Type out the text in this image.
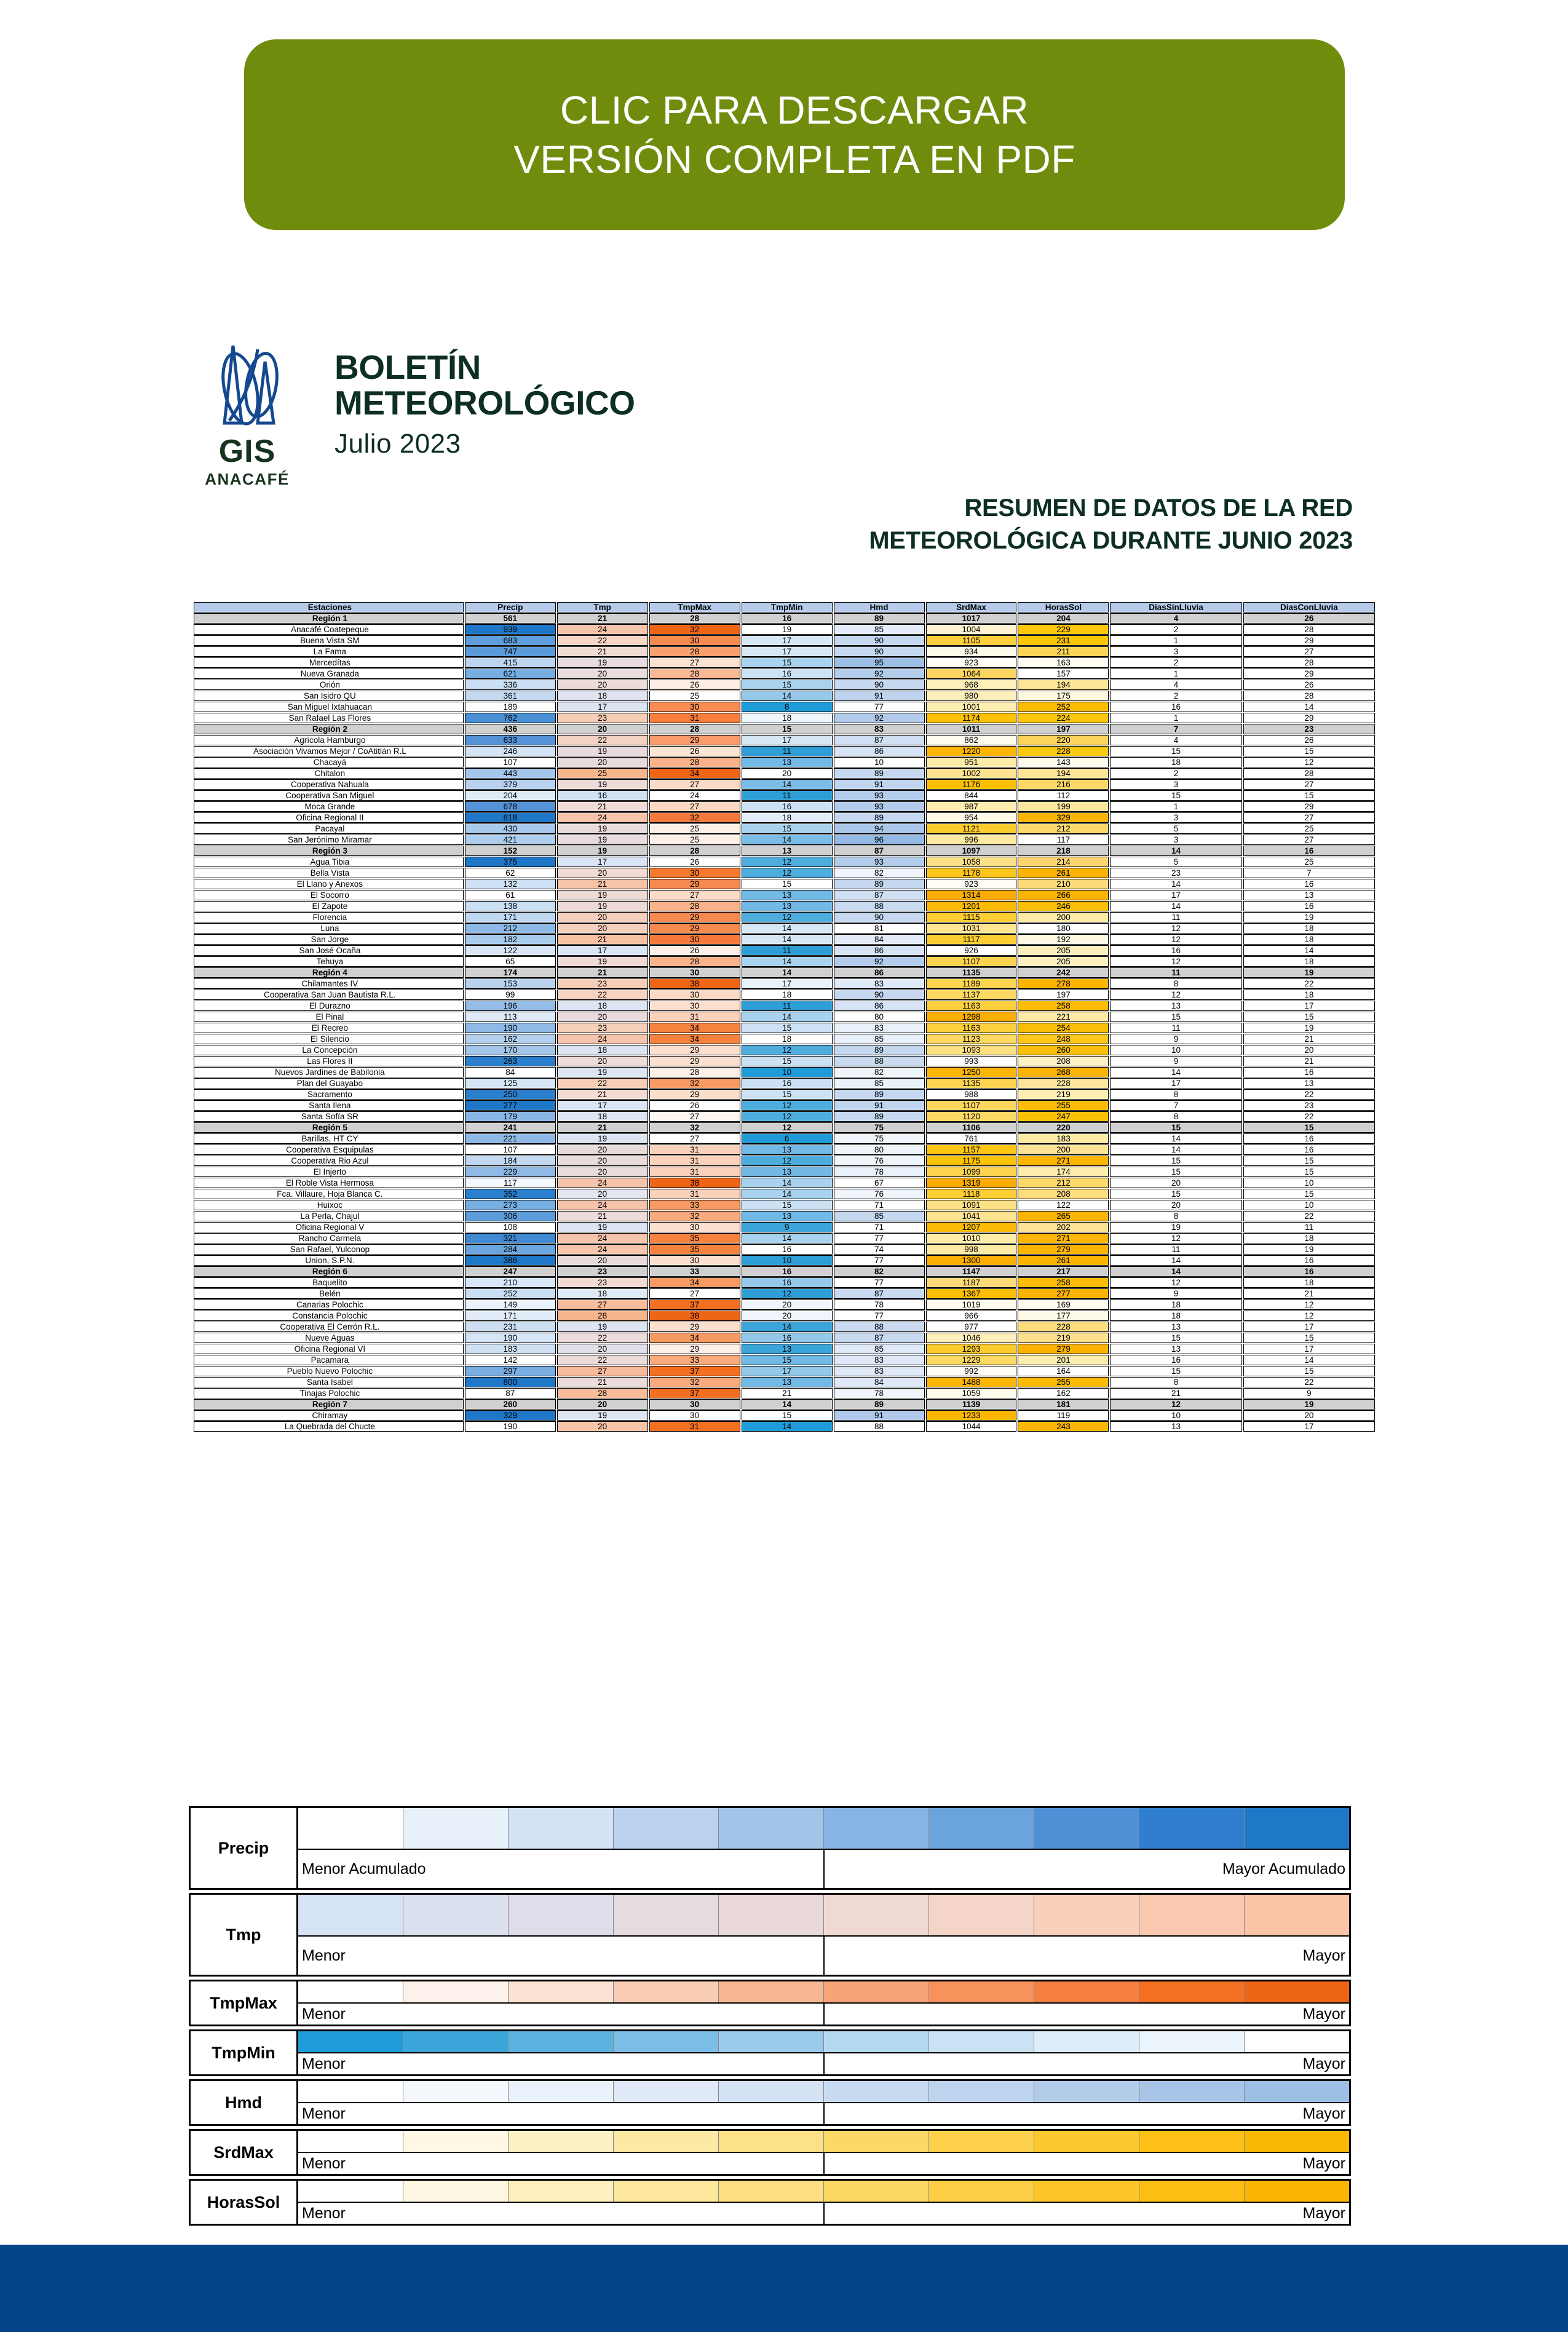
CLIC PARA DESCARGAR
VERSIÓN COMPLETA EN PDF
GIS
ANACAFÉ
BOLETÍN
METEOROLÓGICO
Julio 2023
RESUMEN DE DATOS DE LA RED
METEOROLÓGICA DURANTE JUNIO 2023
Estaciones	Precip	Tmp	TmpMax	TmpMin	Hmd	SrdMax	HorasSol	DiasSinLluvia	DiasConLluvia
Región 1	561	21	28	16	89	1017	204	4	26
Anacafé Coatepeque	939	24	32	19	85	1004	229	2	28
Buena Vista SM	683	22	30	17	90	1105	231	1	29
La Fama	747	21	28	17	90	934	211	3	27
Mercedítas	415	19	27	15	95	923	163	2	28
Nueva Granada	621	20	28	16	92	1064	157	1	29
Orión	336	20	26	15	90	968	194	4	26
San Isidro QU	361	18	25	14	91	980	175	2	28
San Miguel Ixtahuacan	189	17	30	8	77	1001	252	16	14
San Rafael Las Flores	762	23	31	18	92	1174	224	1	29
Región 2	436	20	28	15	83	1011	197	7	23
Agrícola Hamburgo	633	22	29	17	87	862	220	4	26
Asociación Vivamos Mejor / CoAtitlán R.L	246	19	26	11	86	1220	228	15	15
Chacayá	107	20	28	13	10	951	143	18	12
Chitalon	443	25	34	20	89	1002	194	2	28
Cooperativa Nahuala	379	19	27	14	91	1176	216	3	27
Cooperativa San Miguel	204	16	24	11	93	844	112	15	15
Moca Grande	678	21	27	16	93	987	199	1	29
Oficina Regional II	818	24	32	18	89	954	329	3	27
Pacayal	430	19	25	15	94	1121	212	5	25
San Jerónimo Miramar	421	19	25	14	96	996	117	3	27
Región 3	152	19	28	13	87	1097	218	14	16
Agua Tibia	375	17	26	12	93	1058	214	5	25
Bella Vista	62	20	30	12	82	1178	261	23	7
El Llano y Anexos	132	21	29	15	89	923	210	14	16
El Socorro	61	19	27	13	87	1314	266	17	13
El Zapote	138	19	28	13	88	1201	246	14	16
Florencia	171	20	29	12	90	1115	200	11	19
Luna	212	20	29	14	81	1031	180	12	18
San Jorge	182	21	30	14	84	1117	192	12	18
San José Ocaña	122	17	26	11	86	926	205	16	14
Tehuya	65	19	28	14	92	1107	205	12	18
Región 4	174	21	30	14	86	1135	242	11	19
Chilamantes IV	153	23	38	17	83	1189	278	8	22
Cooperativa San Juan Bautista R.L.	99	22	30	18	90	1137	197	12	18
El Durazno	196	18	30	11	86	1163	258	13	17
El Pinal	113	20	31	14	80	1298	221	15	15
El Recreo	190	23	34	15	83	1163	254	11	19
El Silencio	162	24	34	18	85	1123	248	9	21
La Concepción	170	18	29	12	89	1093	260	10	20
Las Flores II	263	20	29	15	88	993	208	9	21
Nuevos Jardines de Babilonia	84	19	28	10	82	1250	268	14	16
Plan del Guayabo	125	22	32	16	85	1135	228	17	13
Sacramento	250	21	29	15	89	988	219	8	22
Santa Ilena	277	17	26	12	91	1107	255	7	23
Santa Sofía SR	179	18	27	12	89	1120	247	8	22
Región 5	241	21	32	12	75	1106	220	15	15
Barillas, HT CY	221	19	27	6	75	761	183	14	16
Cooperativa Esquipulas	107	20	31	13	80	1157	200	14	16
Cooperativa Rio Azul	184	20	31	12	76	1175	271	15	15
El Injerto	229	20	31	13	78	1099	174	15	15
El Roble Vista Hermosa	117	24	38	14	67	1319	212	20	10
Fca. Villaure, Hoja Blanca C.	352	20	31	14	76	1118	208	15	15
Huixoc	273	24	33	15	71	1091	122	20	10
La Perla, Chajul	306	21	32	13	85	1041	265	8	22
Oficina Regional V	108	19	30	9	71	1207	202	19	11
Rancho Carmela	321	24	35	14	77	1010	271	12	18
San Rafael, Yulconop	284	24	35	16	74	998	279	11	19
Union, S.P.N.	386	20	30	10	77	1300	261	14	16
Región 6	247	23	33	16	82	1147	217	14	16
Baquelito	210	23	34	16	77	1187	258	12	18
Belén	252	18	27	12	87	1367	277	9	21
Canarias Polochic	149	27	37	20	78	1019	169	18	12
Constancia Polochic	171	28	38	20	77	966	177	18	12
Cooperativa El Cerrón R.L.	231	19	29	14	88	977	228	13	17
Nueve Aguas	190	22	34	16	87	1046	219	15	15
Oficina Regional VI	183	20	29	13	85	1293	279	13	17
Pacamara	142	22	33	15	83	1229	201	16	14
Pueblo Nuevo Polochic	297	27	37	17	83	992	164	15	15
Santa Isabel	800	21	32	13	84	1488	255	8	22
Tinajas Polochic	87	28	37	21	78	1059	162	21	9
Región 7	260	20	30	14	89	1139	181	12	19
Chiramay	329	19	30	15	91	1233	119	10	20
La Quebrada del Chucte	190	20	31	14	88	1044	243	13	17
Precip
Menor Acumulado	Mayor Acumulado
Tmp
Menor	Mayor
TmpMax
Menor	Mayor
TmpMin
Menor	Mayor
Hmd
Menor	Mayor
SrdMax
Menor	Mayor
HorasSol
Menor	Mayor
